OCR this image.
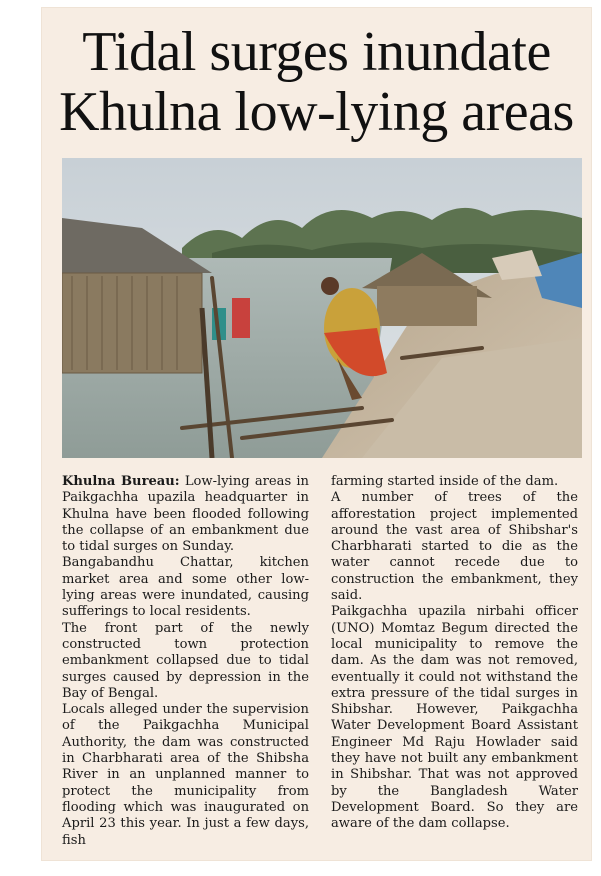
Tidal surges inundate
Khulna low-lying areas

Khulna Bureau: Low-lying areas in Paikgachha upazila headquarter in Khulna have been flooded following the collapse of an embankment due to tidal surges on Sunday.

Bangabandhu Chattar, kitchen market area and some other low-lying areas were inundated, causing sufferings to local residents.

The front part of the newly constructed town protection embankment collapsed due to tidal surges caused by depression in the Bay of Bengal.

Locals alleged under the supervision of the Paikgachha Municipal Authority, the dam was constructed in Charbharati area of the Shibsha River in an unplanned manner to protect the municipality from flooding which was inaugurated on April 23 this year. In just a few days, fish

farming started inside of the dam.

A number of trees of the afforestation project implemented around the vast area of Shibshar's Charbharati started to die as the water cannot recede due to construction the embankment, they said.

Paikgachha upazila nirbahi officer (UNO) Momtaz Begum directed the local municipality to remove the dam. As the dam was not removed, eventually it could not withstand the extra pressure of the tidal surges in Shibshar. However, Paikgachha Water Development Board Assistant Engineer Md Raju Howlader said they have not built any embankment in Shibshar. That was not approved by the Bangladesh Water Development Board. So they are aware of the dam collapse.
